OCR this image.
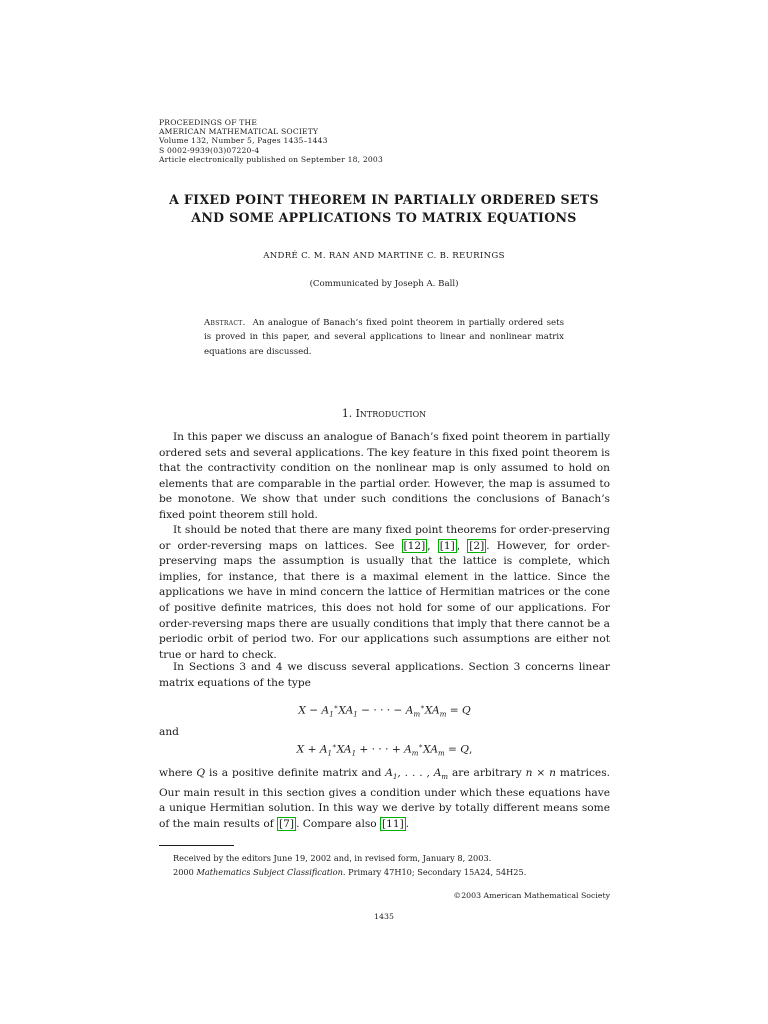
PROCEEDINGS OF THE
AMERICAN MATHEMATICAL SOCIETY
Volume 132, Number 5, Pages 1435–1443
S 0002-9939(03)07220-4
Article electronically published on September 18, 2003
A FIXED POINT THEOREM IN PARTIALLY ORDERED SETS
AND SOME APPLICATIONS TO MATRIX EQUATIONS
ANDRÉ C. M. RAN AND MARTINE C. B. REURINGS
(Communicated by Joseph A. Ball)
Abstract. An analogue of Banach’s fixed point theorem in partially ordered sets is proved in this paper, and several applications to linear and nonlinear matrix equations are discussed.
1. Introduction

In this paper we discuss an analogue of Banach’s fixed point theorem in partially ordered sets and several applications. The key feature in this fixed point theorem is that the contractivity condition on the nonlinear map is only assumed to hold on elements that are comparable in the partial order. However, the map is assumed to be monotone. We show that under such conditions the conclusions of Banach’s fixed point theorem still hold.

It should be noted that there are many fixed point theorems for order-preserving or order-reversing maps on lattices. See [12] , [1] , [2] . However, for order-preserving maps the assumption is usually that the lattice is complete, which implies, for instance, that there is a maximal element in the lattice. Since the applications we have in mind concern the lattice of Hermitian matrices or the cone of positive definite matrices, this does not hold for some of our applications. For order-reversing maps there are usually conditions that imply that there cannot be a periodic orbit of period two. For our applications such assumptions are either not true or hard to check.

In Sections 3 and 4 we discuss several applications. Section 3 concerns linear matrix equations of the type

$X - A_1^∗XA_1$ − · · · − $A_m^∗XA_m = Q$
and
$X + A_1^∗XA_1$ + · · · + $A_m^∗XA_m = Q$,

where Q is a positive definite matrix and $A_1$, . . . , $A_m$ are arbitrary n × n matrices. Our main result in this section gives a condition under which these equations have a unique Hermitian solution. In this way we derive by totally different means some of the main results of [7] . Compare also [11] .

Received by the editors June 19, 2002 and, in revised form, January 8, 2003.
2000 Mathematics Subject Classification. Primary 47H10; Secondary 15A24, 54H25.
©2003 American Mathematical Society
1435
